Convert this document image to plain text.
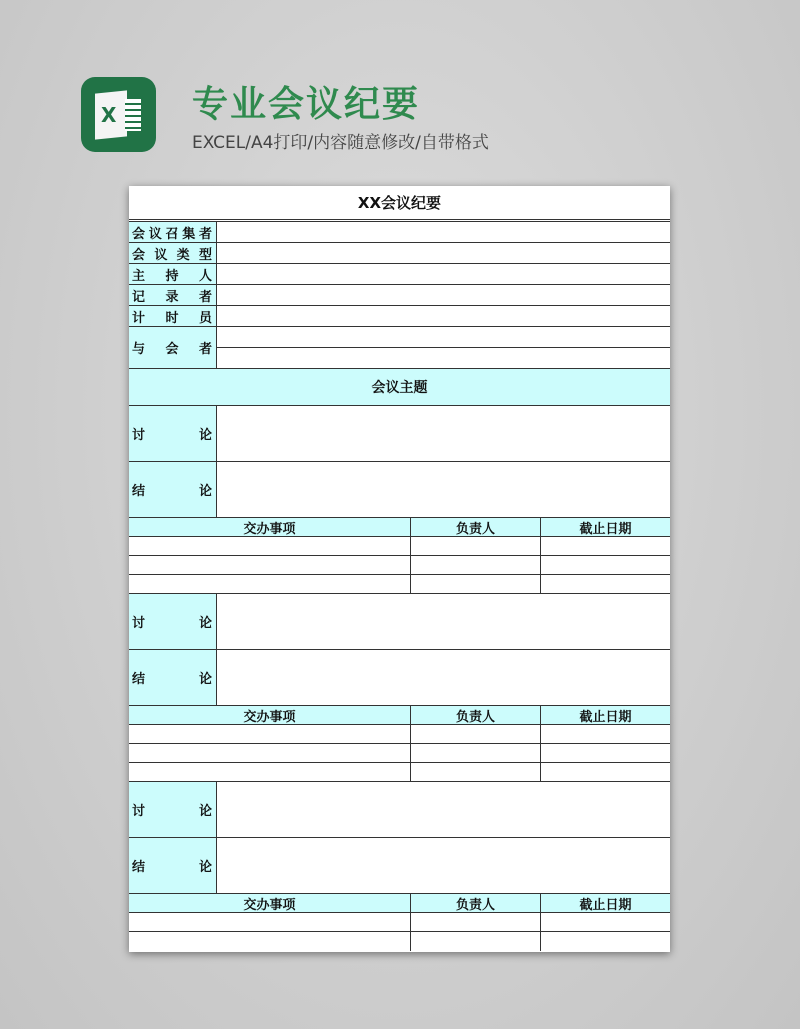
X 专业会议纪要
EXCEL/A4打印/内容随意修改/自带格式
XX会议纪要
会 议 召 集 者
会 议 类 型
主 持 人
记 录 者
计 时 员
与 会 者
会议主题
讨	论
结	论
交办事项	负责人	截止日期
讨	论
结	论
交办事项	负责人	截止日期
讨	论
结	论
交办事项	负责人	截止日期
